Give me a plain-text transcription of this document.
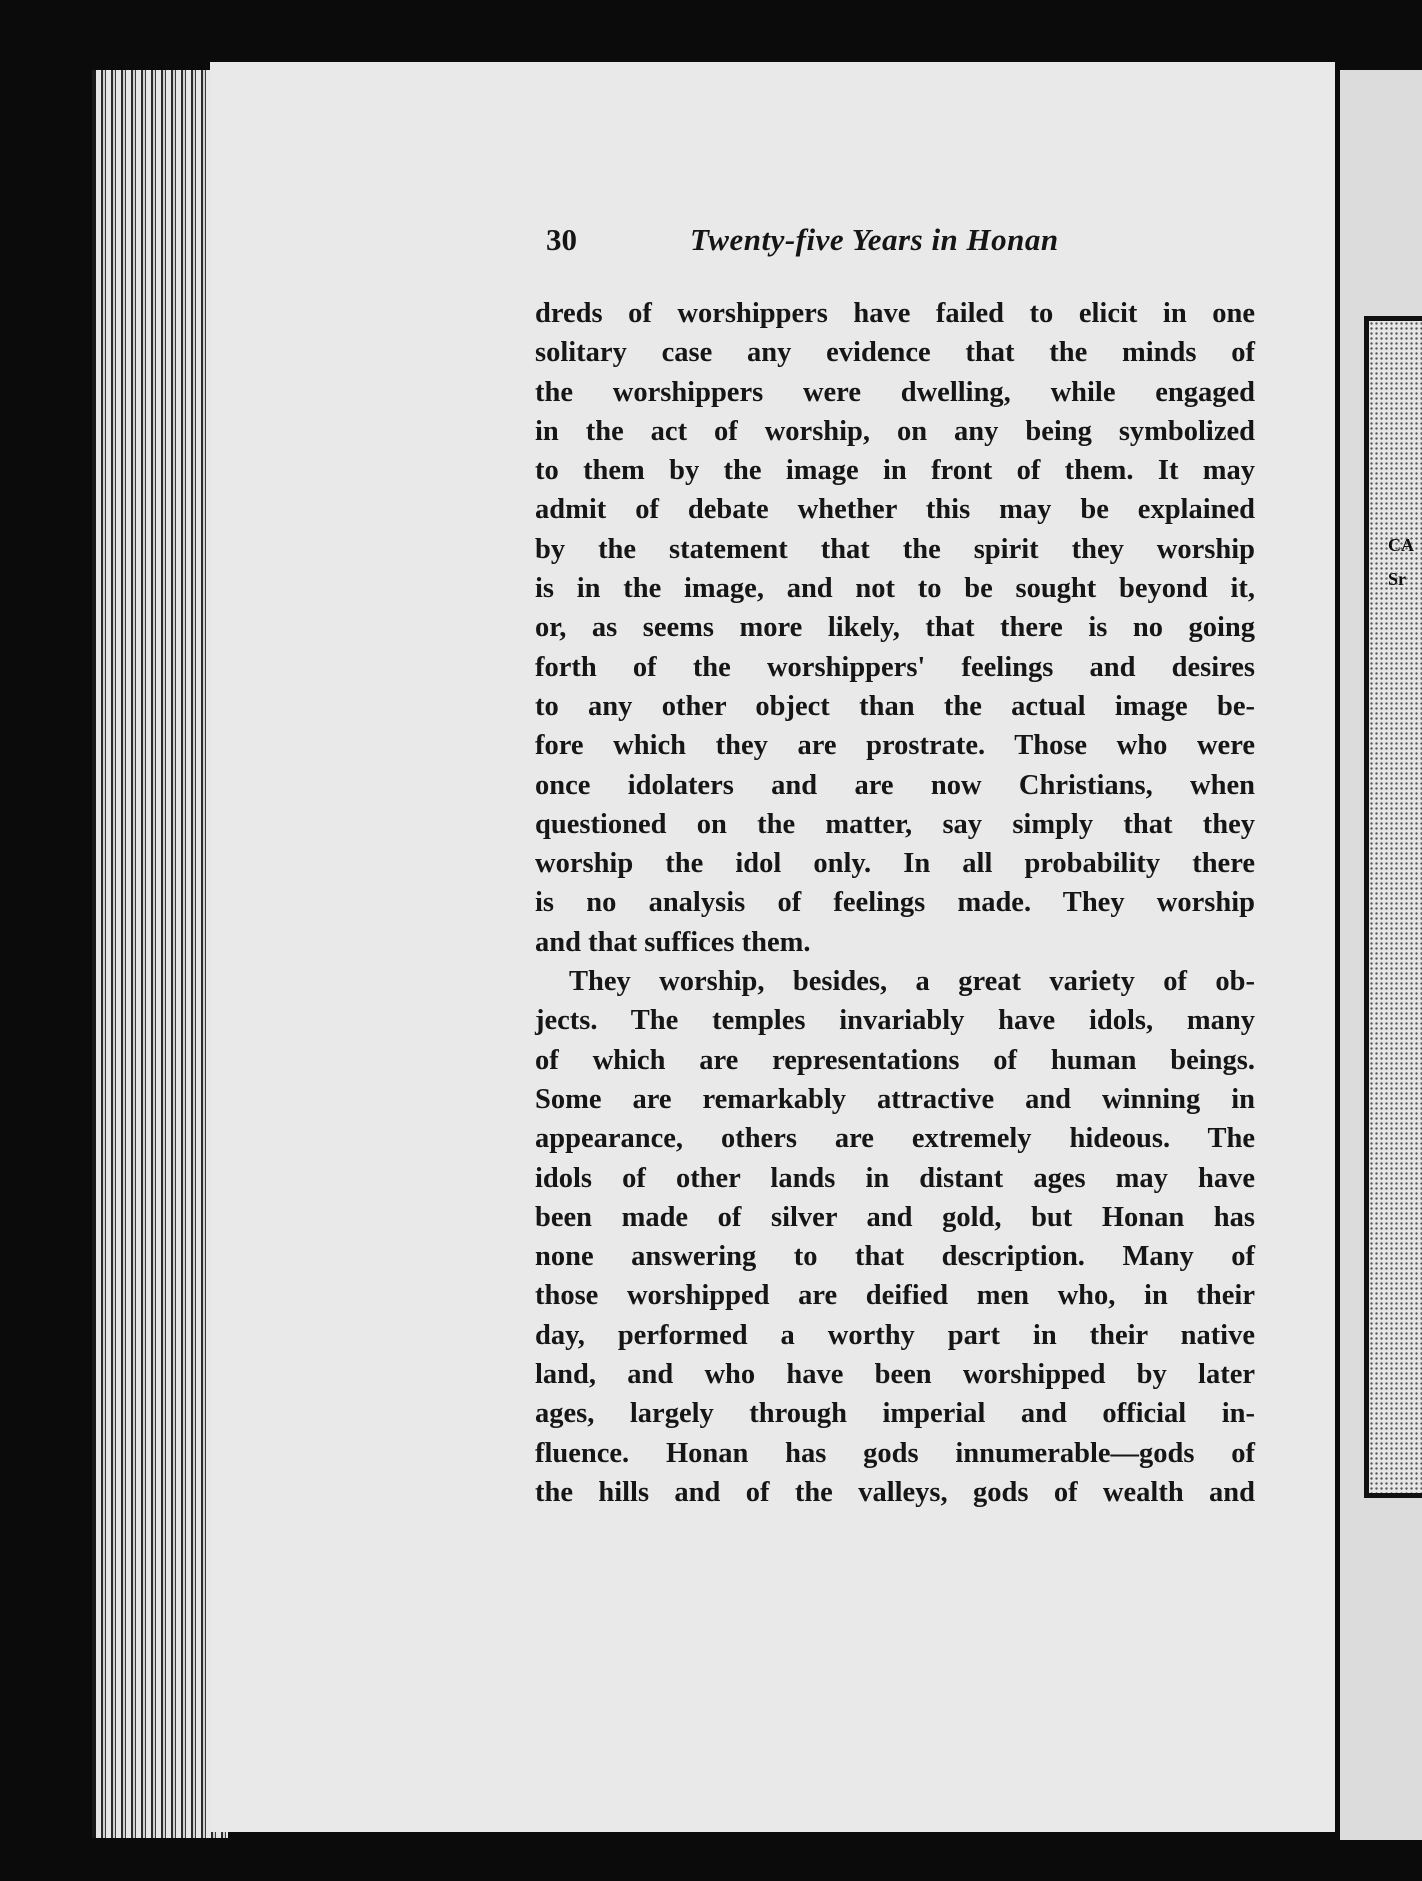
CA
Sr
30	Twenty-five Years in Honan
dreds of worshippers have failed to elicit in one
solitary case any evidence that the minds of
the worshippers were dwelling, while engaged
in the act of worship, on any being symbolized
to them by the image in front of them. It may
admit of debate whether this may be explained
by the statement that the spirit they worship
is in the image, and not to be sought beyond it,
or, as seems more likely, that there is no going
forth of the worshippers' feelings and desires
to any other object than the actual image be-
fore which they are prostrate. Those who were
once idolaters and are now Christians, when
questioned on the matter, say simply that they
worship the idol only. In all probability there
is no analysis of feelings made. They worship
and that suffices them.
They worship, besides, a great variety of ob-
jects. The temples invariably have idols, many
of which are representations of human beings.
Some are remarkably attractive and winning in
appearance, others are extremely hideous. The
idols of other lands in distant ages may have
been made of silver and gold, but Honan has
none answering to that description. Many of
those worshipped are deified men who, in their
day, performed a worthy part in their native
land, and who have been worshipped by later
ages, largely through imperial and official in-
fluence. Honan has gods innumerable—gods of
the hills and of the valleys, gods of wealth and
